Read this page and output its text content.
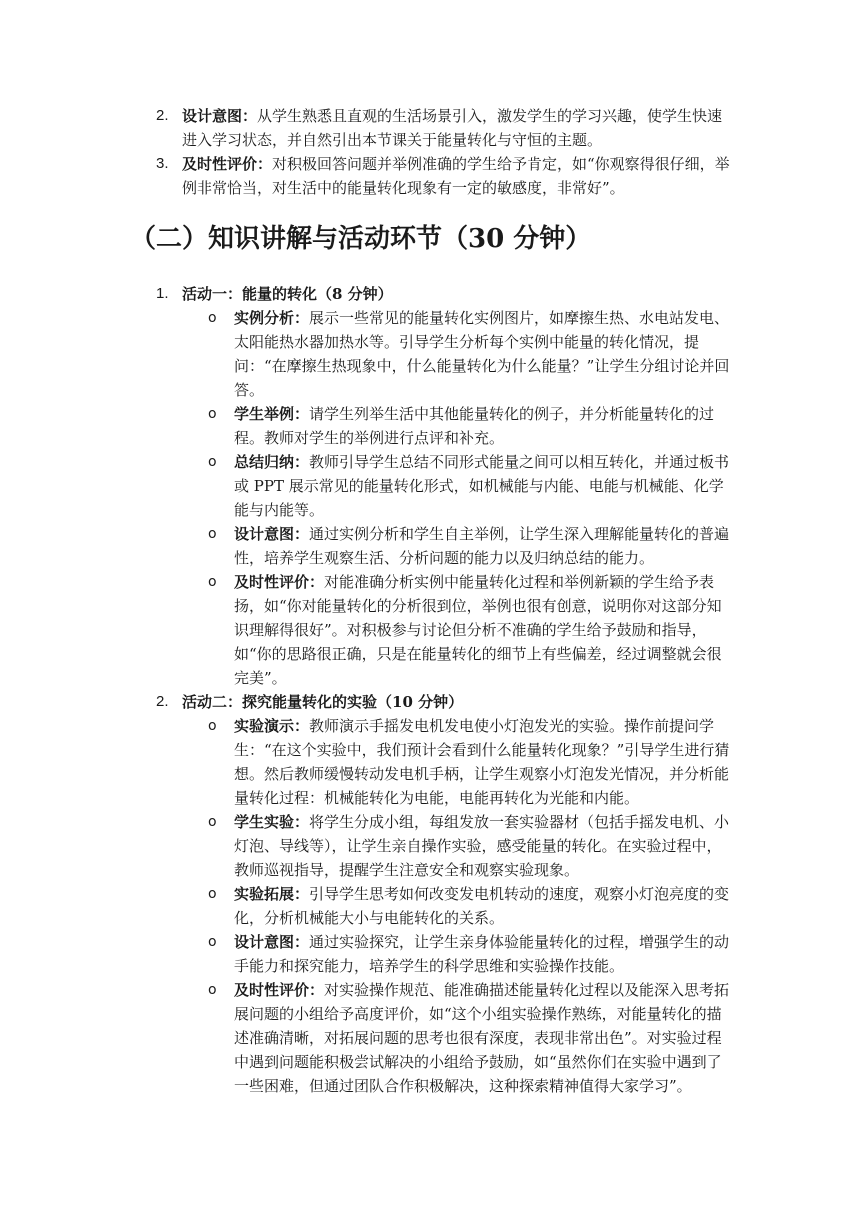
2. 设计意图：从学生熟悉且直观的生活场景引入，激发学生的学习兴趣，使学生快速进入学习状态，并自然引出本节课关于能量转化与守恒的主题。
3. 及时性评价：对积极回答问题并举例准确的学生给予肯定，如“你观察得很仔细，举例非常恰当，对生活中的能量转化现象有一定的敏感度，非常好”。
（二）知识讲解与活动环节（30 分钟）
1. 活动一：能量的转化（8 分钟）
o 实例分析：展示一些常见的能量转化实例图片，如摩擦生热、水电站发电、太阳能热水器加热水等。引导学生分析每个实例中能量的转化情况，提问：“在摩擦生热现象中，什么能量转化为什么能量？”让学生分组讨论并回答。
o 学生举例：请学生列举生活中其他能量转化的例子，并分析能量转化的过程。教师对学生的举例进行点评和补充。
o 总结归纳：教师引导学生总结不同形式能量之间可以相互转化，并通过板书或 PPT 展示常见的能量转化形式，如机械能与内能、电能与机械能、化学能与内能等。
o 设计意图：通过实例分析和学生自主举例，让学生深入理解能量转化的普遍性，培养学生观察生活、分析问题的能力以及归纳总结的能力。
o 及时性评价：对能准确分析实例中能量转化过程和举例新颖的学生给予表扬，如“你对能量转化的分析很到位，举例也很有创意，说明你对这部分知识理解得很好”。对积极参与讨论但分析不准确的学生给予鼓励和指导，如“你的思路很正确，只是在能量转化的细节上有些偏差，经过调整就会很完美”。
2. 活动二：探究能量转化的实验（10 分钟）
o 实验演示：教师演示手摇发电机发电使小灯泡发光的实验。操作前提问学生：“在这个实验中，我们预计会看到什么能量转化现象？”引导学生进行猜想。然后教师缓慢转动发电机手柄，让学生观察小灯泡发光情况，并分析能量转化过程：机械能转化为电能，电能再转化为光能和内能。
o 学生实验：将学生分成小组，每组发放一套实验器材（包括手摇发电机、小灯泡、导线等），让学生亲自操作实验，感受能量的转化。在实验过程中，教师巡视指导，提醒学生注意安全和观察实验现象。
o 实验拓展：引导学生思考如何改变发电机转动的速度，观察小灯泡亮度的变化，分析机械能大小与电能转化的关系。
o 设计意图：通过实验探究，让学生亲身体验能量转化的过程，增强学生的动手能力和探究能力，培养学生的科学思维和实验操作技能。
o 及时性评价：对实验操作规范、能准确描述能量转化过程以及能深入思考拓展问题的小组给予高度评价，如“这个小组实验操作熟练，对能量转化的描述准确清晰，对拓展问题的思考也很有深度，表现非常出色”。对实验过程中遇到问题能积极尝试解决的小组给予鼓励，如“虽然你们在实验中遇到了一些困难，但通过团队合作积极解决，这种探索精神值得大家学习”。
